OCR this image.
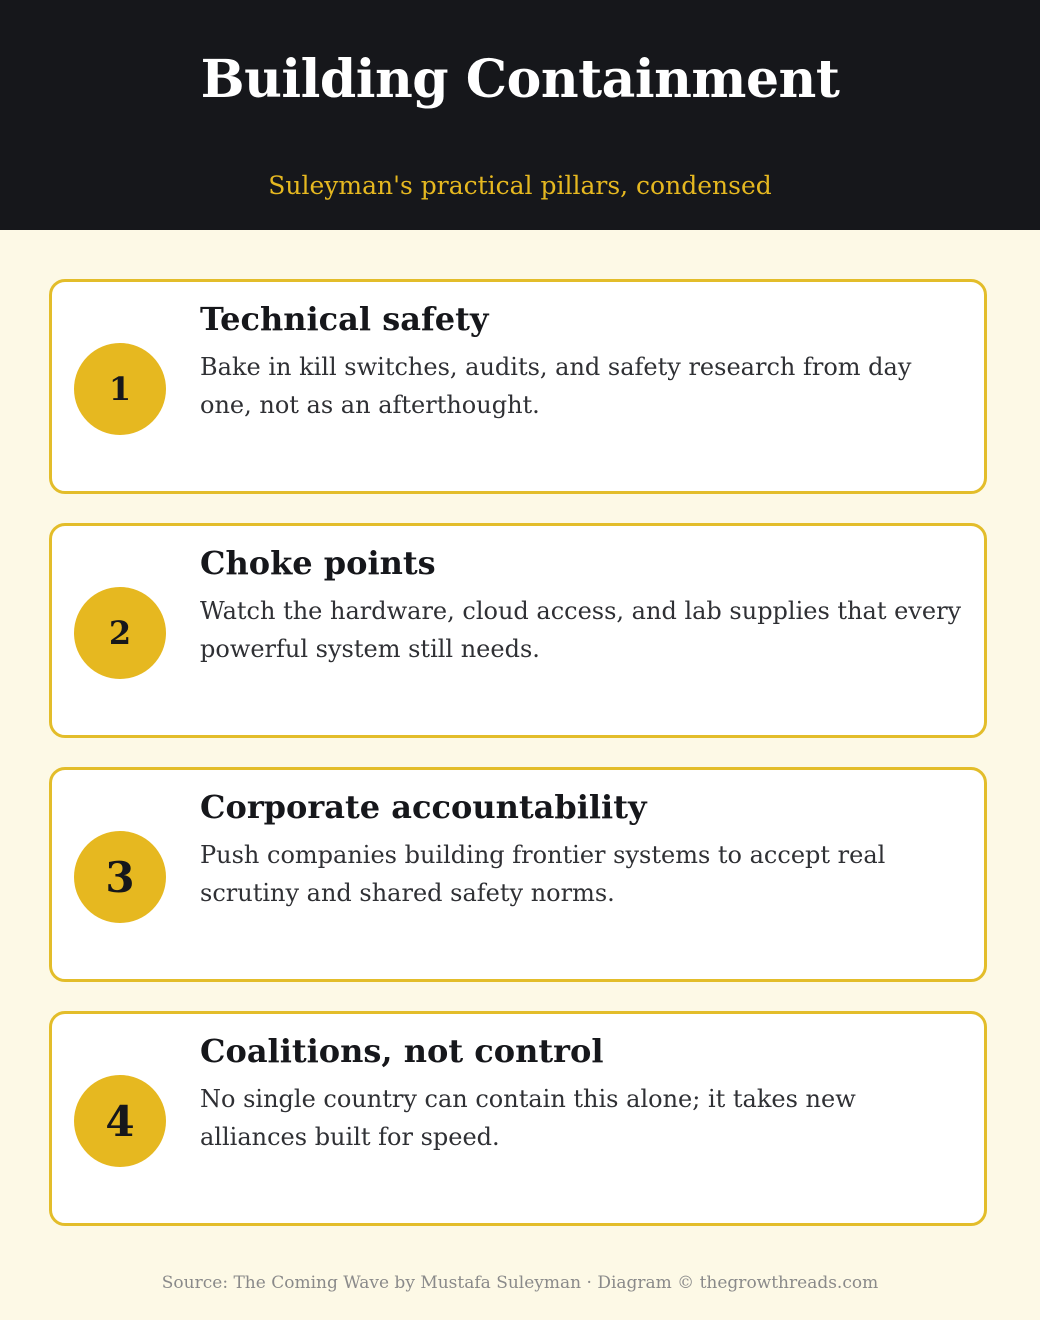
Building Containment
Suleyman's practical pillars, condensed
1
Technical safety
Bake in kill switches, audits, and safety research from day one, not as an afterthought.
2
Choke points
Watch the hardware, cloud access, and lab supplies that every powerful system still needs.
3
Corporate accountability
Push companies building frontier systems to accept real scrutiny and shared safety norms.
4
Coalitions, not control
No single country can contain this alone; it takes new alliances built for speed.
Source: The Coming Wave by Mustafa Suleyman · Diagram © thegrowthreads.com
